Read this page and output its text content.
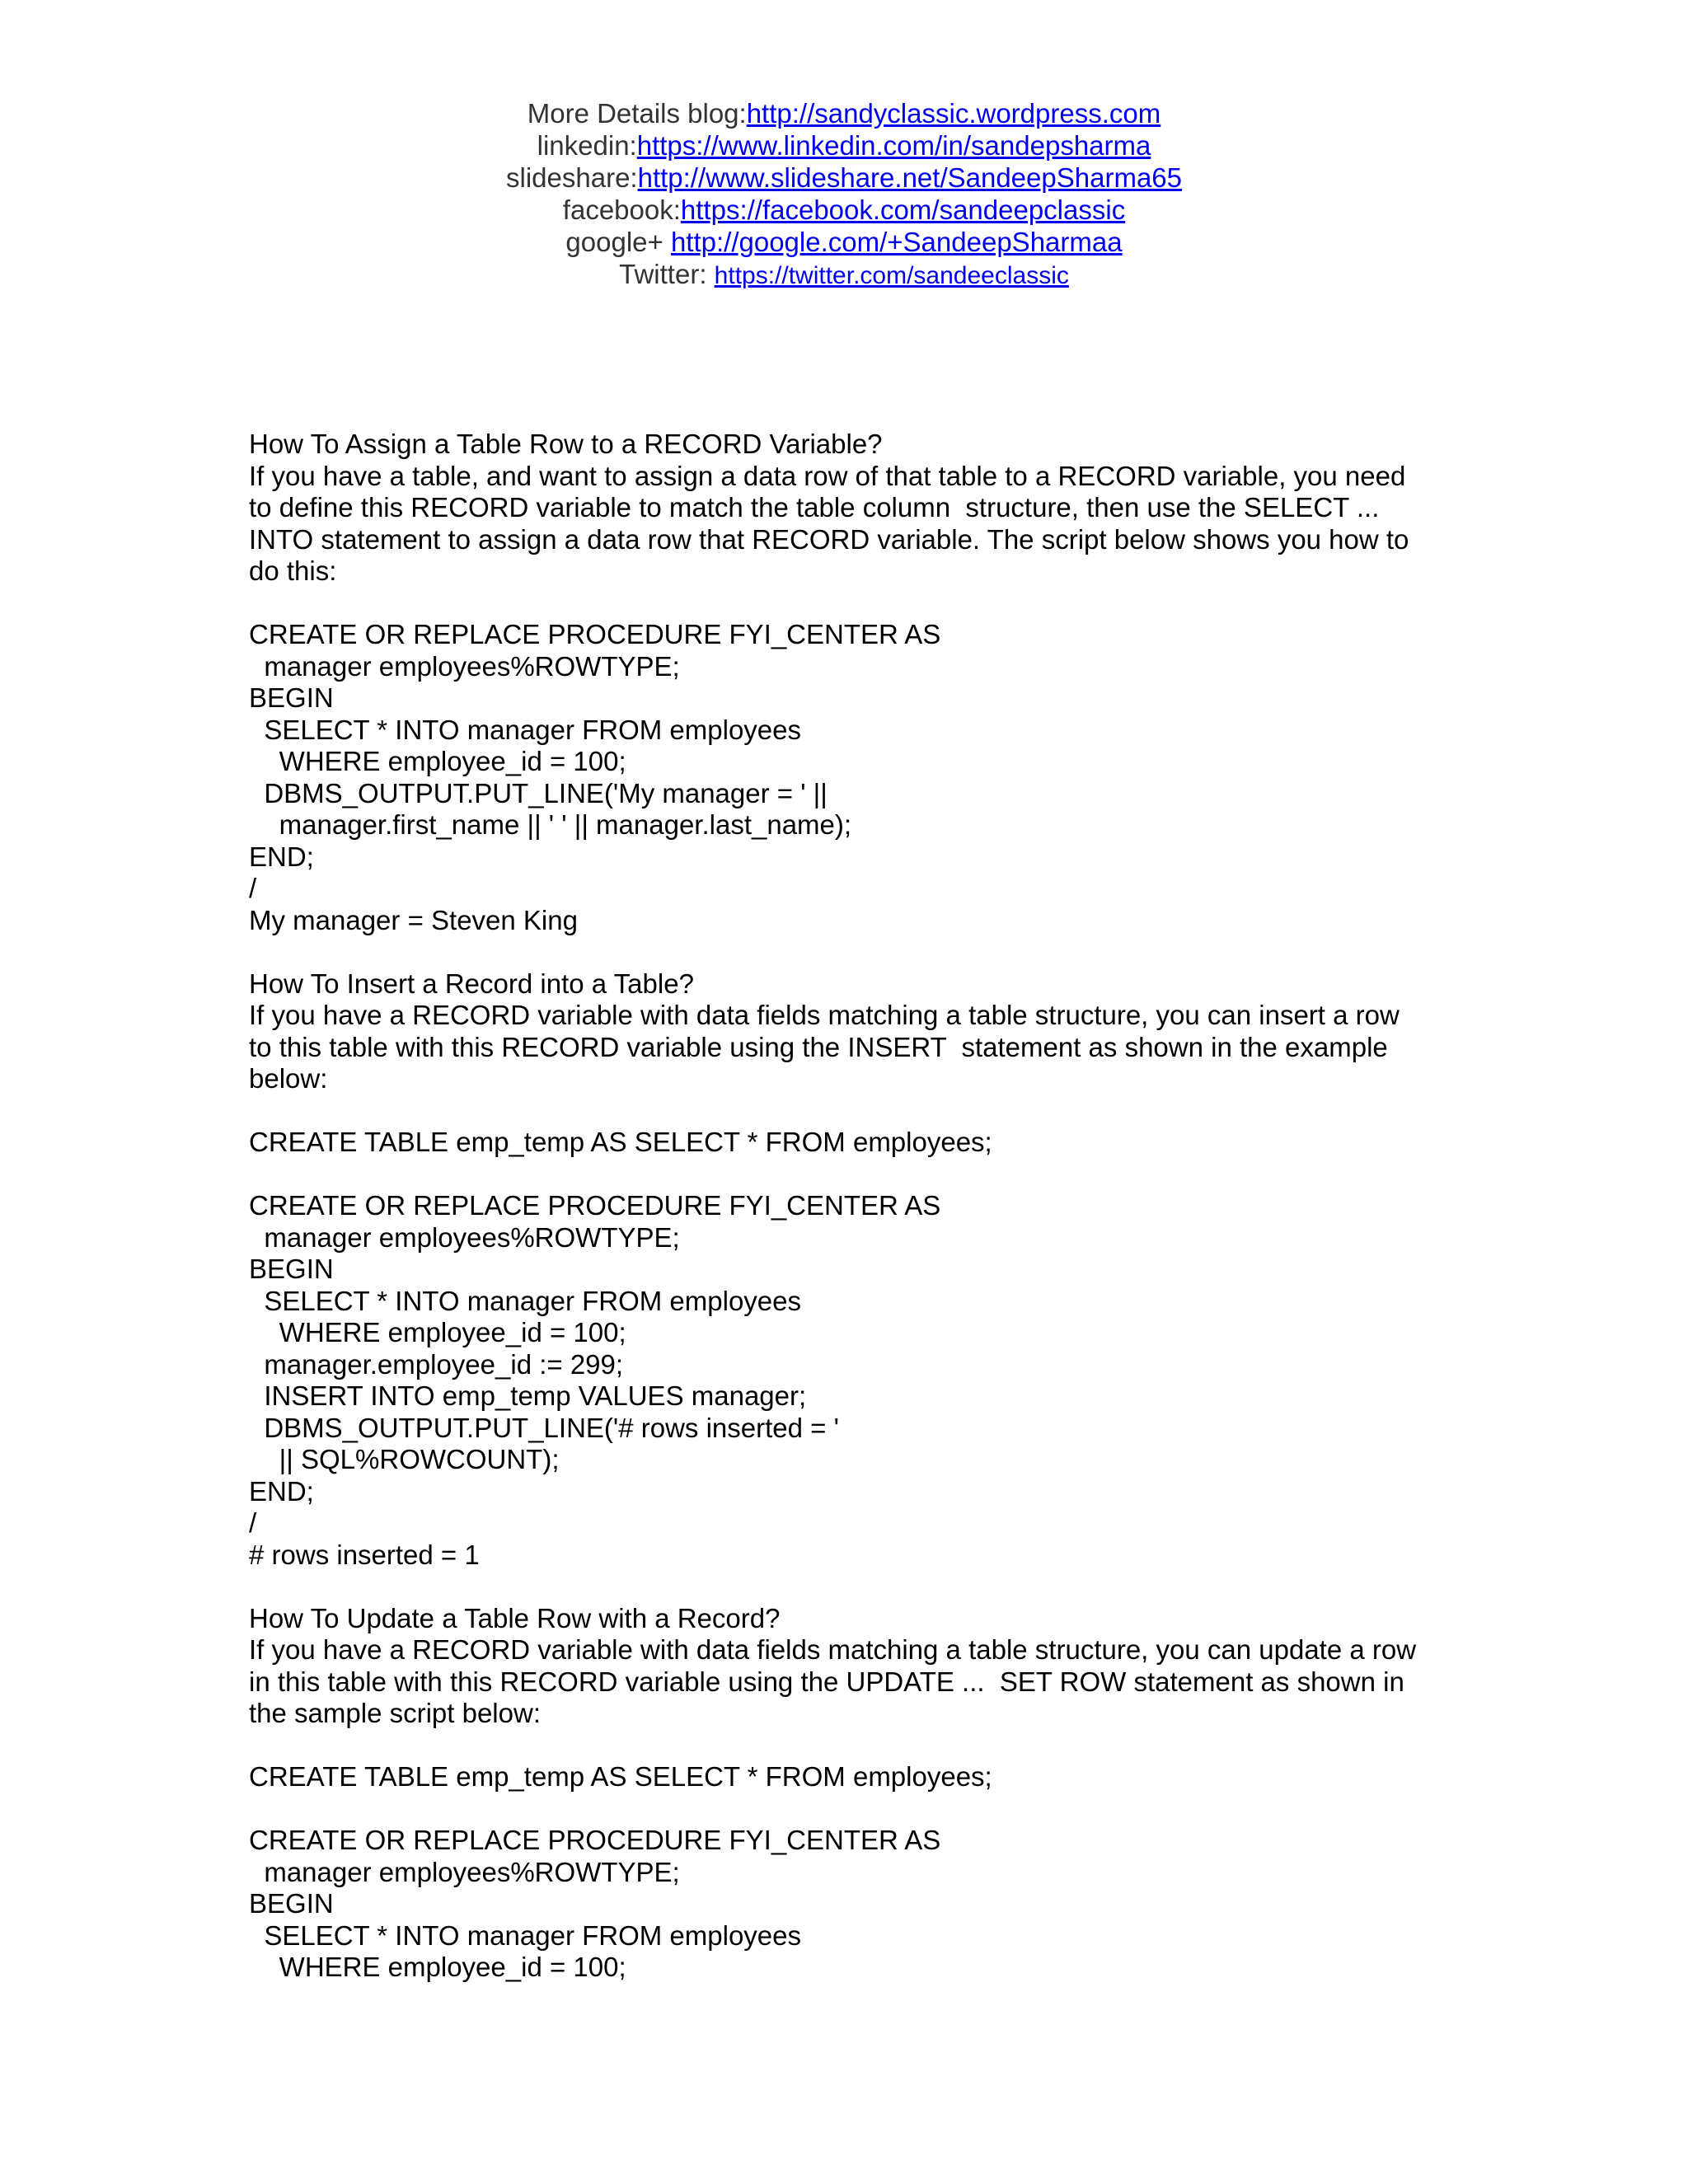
More Details blog:http://sandyclassic.wordpress.com
linkedin:https://www.linkedin.com/in/sandepsharma
slideshare:http://www.slideshare.net/SandeepSharma65
facebook:https://facebook.com/sandeepclassic
google+ http://google.com/+SandeepSharmaa
Twitter: https://twitter.com/sandeeclassic
How To Assign a Table Row to a RECORD Variable?
If you have a table, and want to assign a data row of that table to a RECORD variable, you need
to define this RECORD variable to match the table column  structure, then use the SELECT ...
INTO statement to assign a data row that RECORD variable. The script below shows you how to
do this:
CREATE OR REPLACE PROCEDURE FYI_CENTER AS
manager employees%ROWTYPE;
BEGIN
SELECT * INTO manager FROM employees
WHERE employee_id = 100;
DBMS_OUTPUT.PUT_LINE('My manager = ' ||
manager.first_name || ' ' || manager.last_name);
END;
/
My manager = Steven King
How To Insert a Record into a Table?
If you have a RECORD variable with data fields matching a table structure, you can insert a row
to this table with this RECORD variable using the INSERT  statement as shown in the example
below:
CREATE TABLE emp_temp AS SELECT * FROM employees;
CREATE OR REPLACE PROCEDURE FYI_CENTER AS
manager employees%ROWTYPE;
BEGIN
SELECT * INTO manager FROM employees
WHERE employee_id = 100;
manager.employee_id := 299;
INSERT INTO emp_temp VALUES manager;
DBMS_OUTPUT.PUT_LINE('# rows inserted = '
|| SQL%ROWCOUNT);
END;
/
# rows inserted = 1
How To Update a Table Row with a Record?
If you have a RECORD variable with data fields matching a table structure, you can update a row
in this table with this RECORD variable using the UPDATE ...  SET ROW statement as shown in
the sample script below:
CREATE TABLE emp_temp AS SELECT * FROM employees;
CREATE OR REPLACE PROCEDURE FYI_CENTER AS
manager employees%ROWTYPE;
BEGIN
SELECT * INTO manager FROM employees
WHERE employee_id = 100;
